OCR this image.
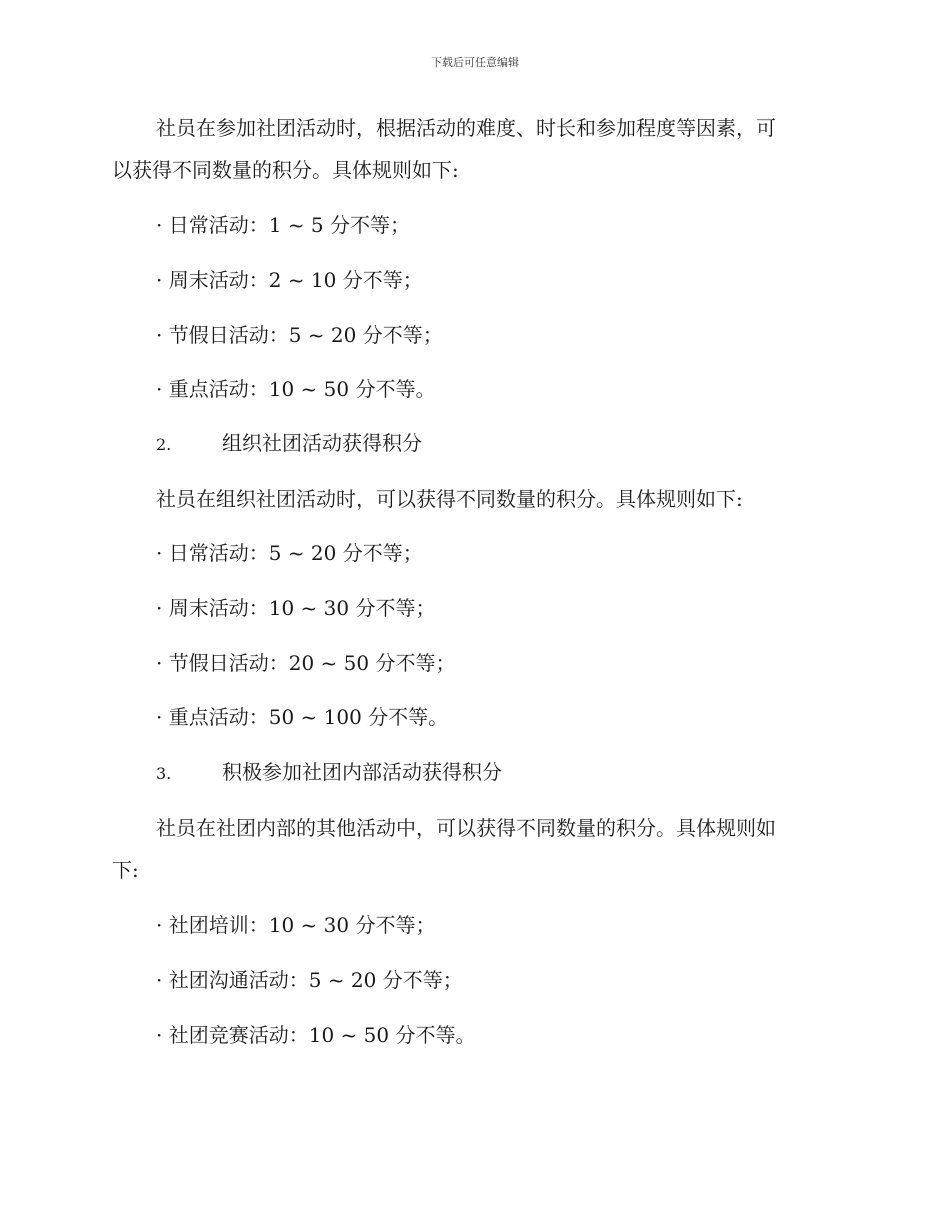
下载后可任意编辑
社员在参加社团活动时，根据活动的难度、时长和参加程度等因素，可
以获得不同数量的积分。具体规则如下:
· 日常活动：1 ~ 5 分不等；
· 周末活动：2 ~ 10 分不等；
· 节假日活动：5 ~ 20 分不等；
· 重点活动：10 ~ 50 分不等。
2.	组织社团活动获得积分
社员在组织社团活动时，可以获得不同数量的积分。具体规则如下:
· 日常活动：5 ~ 20 分不等；
· 周末活动：10 ~ 30 分不等；
· 节假日活动：20 ~ 50 分不等；
· 重点活动：50 ~ 100 分不等。
3.	积极参加社团内部活动获得积分
社员在社团内部的其他活动中，可以获得不同数量的积分。具体规则如
下:
· 社团培训：10 ~ 30 分不等；
· 社团沟通活动：5 ~ 20 分不等；
· 社团竞赛活动：10 ~ 50 分不等。
